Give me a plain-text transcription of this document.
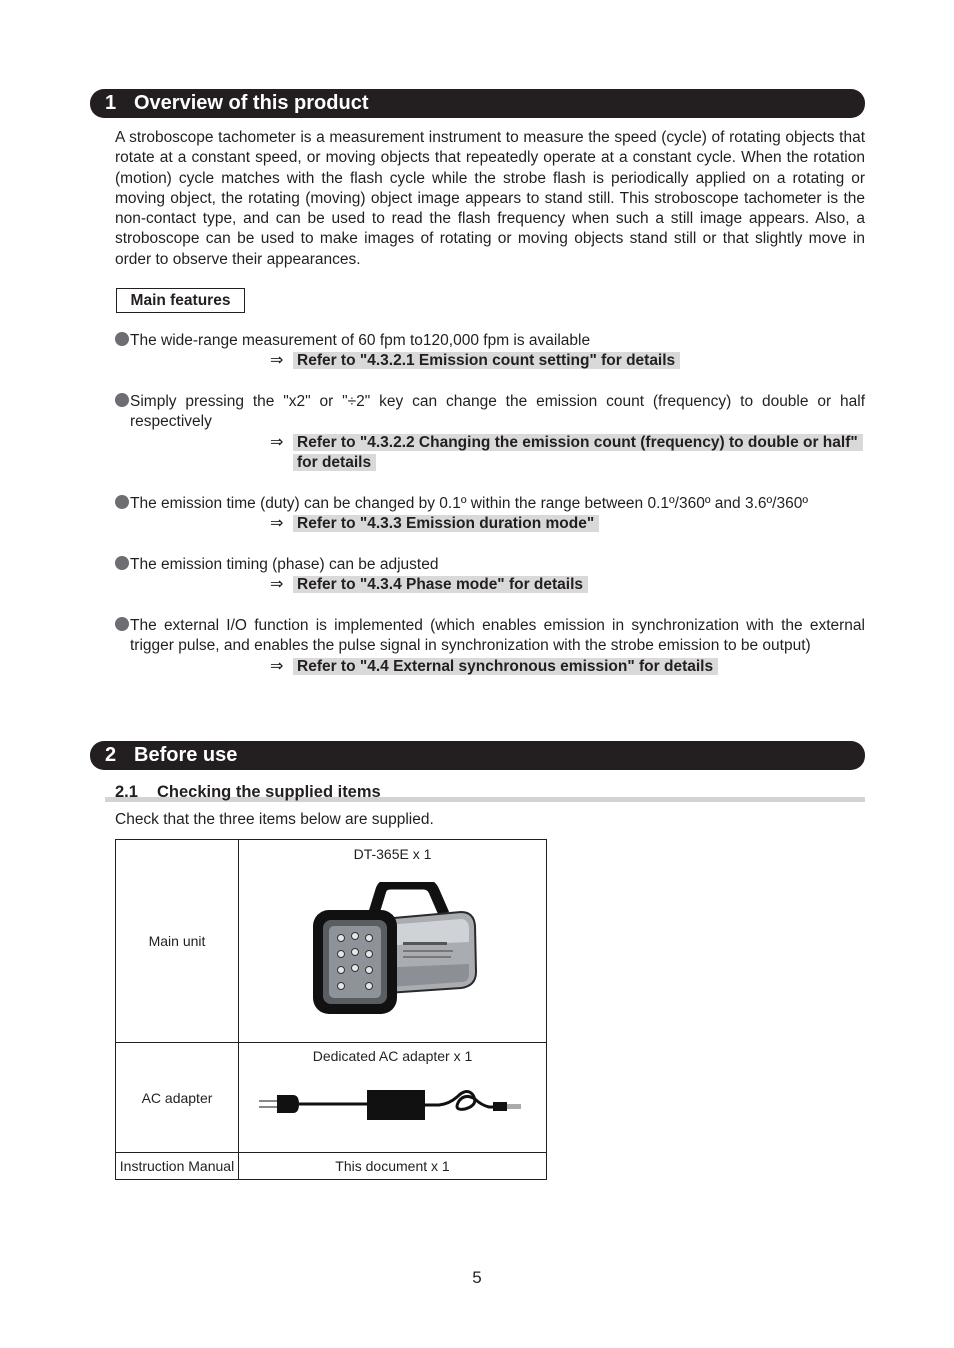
1 Overview of this product

A stroboscope tachometer is a measurement instrument to measure the speed (cycle) of rotating objects that rotate at a constant speed, or moving objects that repeatedly operate at a constant cycle. When the rotation (motion) cycle matches with the flash cycle while the strobe flash is periodically applied on a rotating or moving object, the rotating (moving) object image appears to stand still. This stroboscope tachometer is the non-contact type, and can be used to read the flash frequency when such a still image appears. Also, a stroboscope can be used to make images of rotating or moving objects stand still or that slightly move in order to observe their appearances.

Main features

The wide-range measurement of 60 fpm to120,000 fpm is available

⇒ Refer to "4.3.2.1 Emission count setting" for details

Simply pressing the "x2" or "÷2" key can change the emission count (frequency) to double or half respectively

⇒ Refer to "4.3.2.2 Changing the emission count (frequency) to double or half" for details

The emission time (duty) can be changed by 0.1º within the range between 0.1º/360º and 3.6º/360º

⇒ Refer to "4.3.3 Emission duration mode"

The emission timing (phase) can be adjusted

⇒ Refer to "4.3.4 Phase mode" for details

The external I/O function is implemented (which enables emission in synchronization with the external trigger pulse, and enables the pulse signal in synchronization with the strobe emission to be output)

⇒ Refer to "4.4 External synchronous emission" for details

2 Before use
2.1 Checking the supplied items
Check that the three items below are supplied.
Main unit	DT-365E x 1

AC adapter	Dedicated AC adapter x 1

Instruction Manual	This document x 1
5
